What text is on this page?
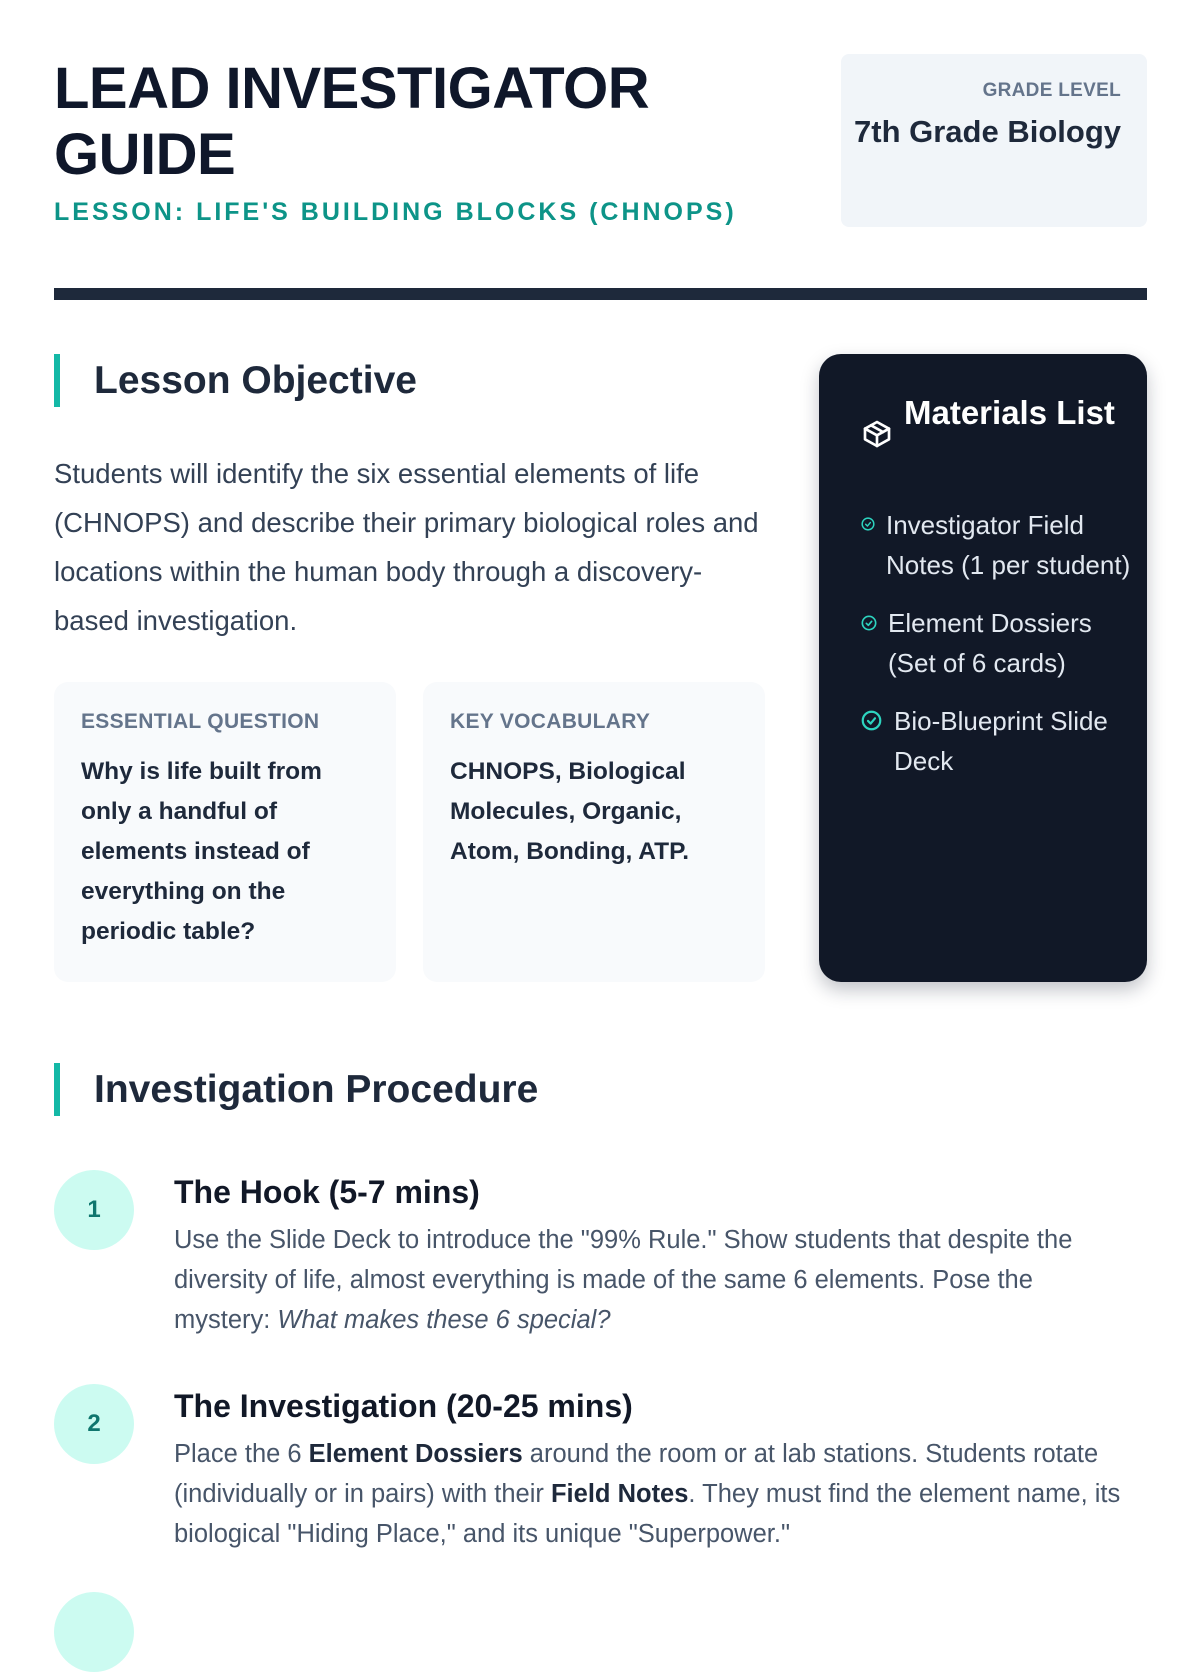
LEAD INVESTIGATOR GUIDE
LESSON: LIFE'S BUILDING BLOCKS (CHNOPS)
GRADE LEVEL
7th Grade Biology
Lesson Objective

Students will identify the six essential elements of life (CHNOPS) and describe their primary biological roles and locations within the human body through a discovery-based investigation.

ESSENTIAL QUESTION
Why is life built from only a handful of elements instead of everything on the periodic table?
KEY VOCABULARY
CHNOPS, Biological Molecules, Organic, Atom, Bonding, ATP.
Materials List
Investigator Field Notes (1 per student)
Element Dossiers (Set of 6 cards)
Bio-Blueprint Slide Deck
Investigation Procedure
1	The Hook (5-7 mins)

Use the Slide Deck to introduce the "99% Rule." Show students that despite the diversity of life, almost everything is made of the same 6 elements. Pose the mystery: What makes these 6 special?

2	The Investigation (20-25 mins)

Place the 6 Element Dossiers around the room or at lab stations. Students rotate (individually or in pairs) with their Field Notes. They must find the element name, its biological "Hiding Place," and its unique "Superpower."
